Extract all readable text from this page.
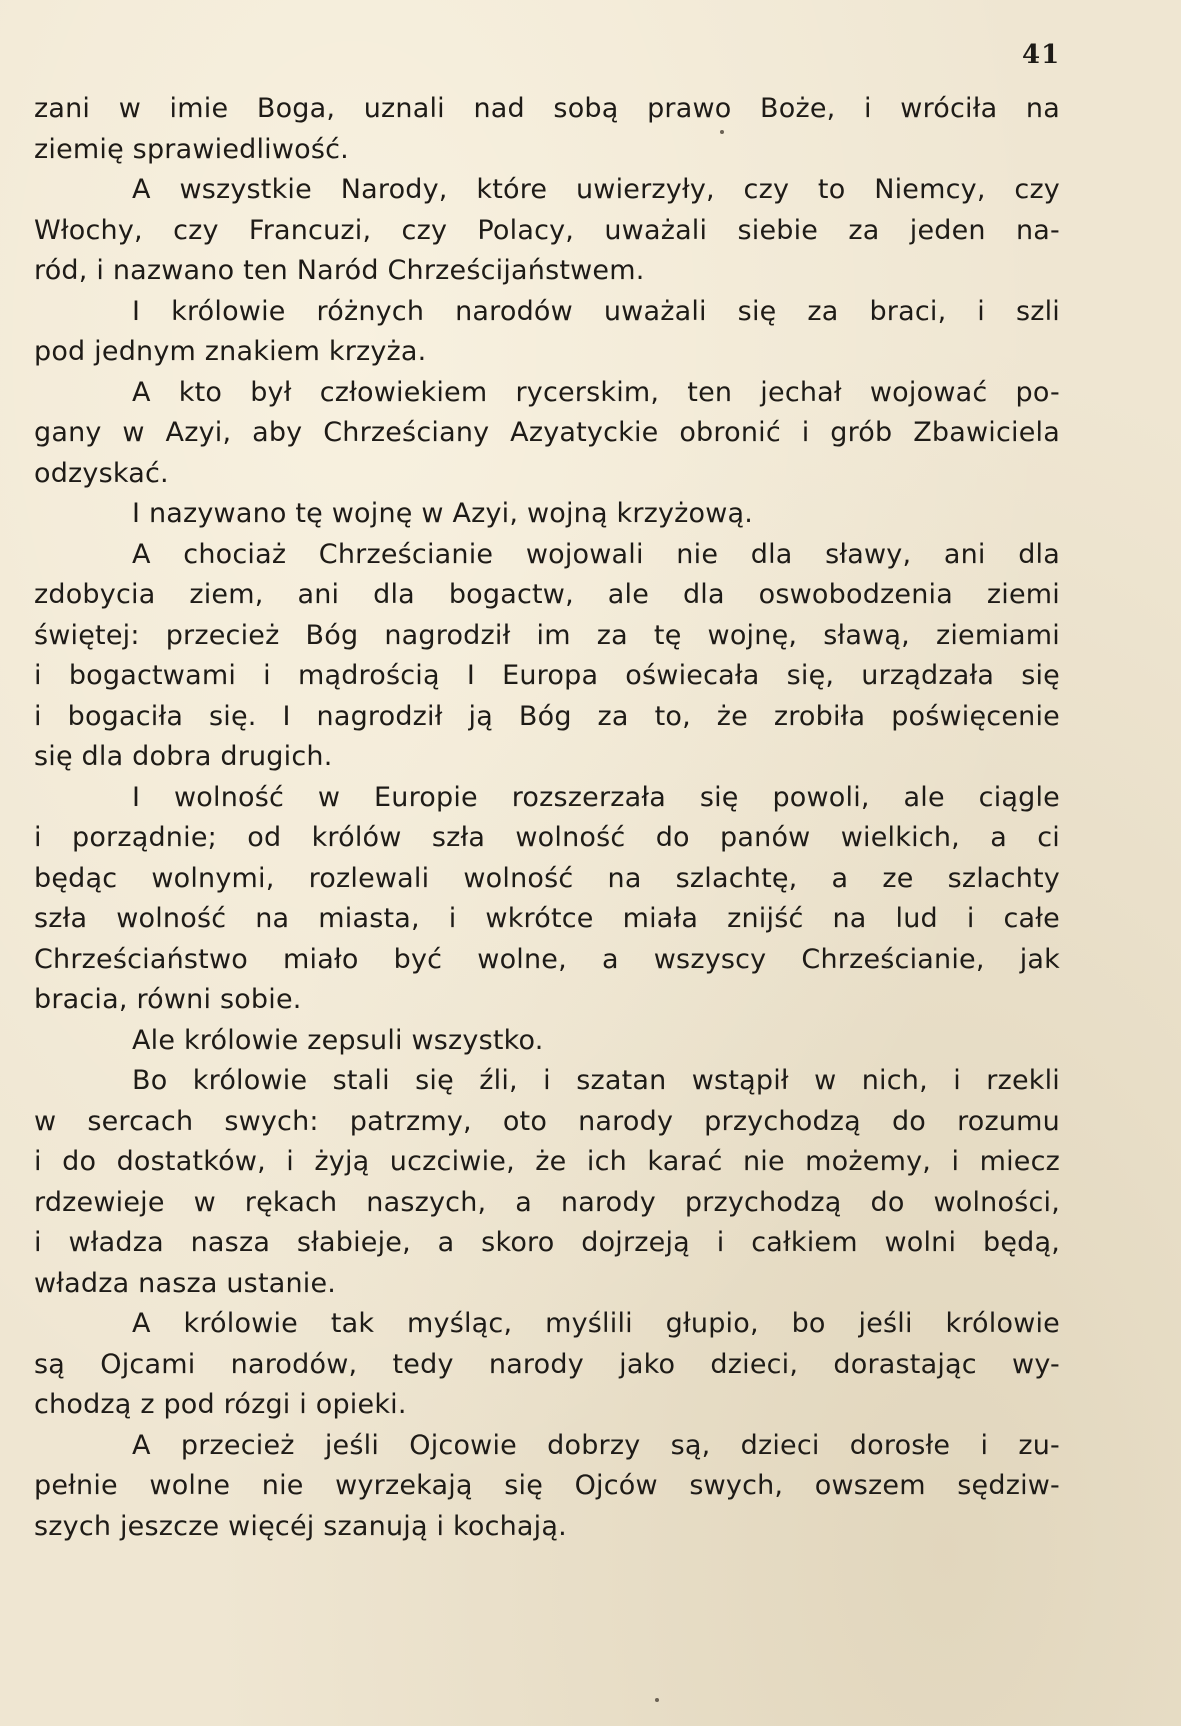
41
zani w imie Boga, uznali nad sobą prawo Boże, i wróciła na
ziemię sprawiedliwość.
A wszystkie Narody, które uwierzyły, czy to Niemcy, czy
Włochy, czy Francuzi, czy Polacy, uważali siebie za jeden na-
ród, i nazwano ten Naród Chrześcijaństwem.
I królowie różnych narodów uważali się za braci, i szli
pod jednym znakiem krzyża.
A kto był człowiekiem rycerskim, ten jechał wojować po-
gany w Azyi, aby Chrześciany Azyatyckie obronić i grób Zbawiciela
odzyskać.
I nazywano tę wojnę w Azyi, wojną krzyżową.
A chociaż Chrześcianie wojowali nie dla sławy, ani dla
zdobycia ziem, ani dla bogactw, ale dla oswobodzenia ziemi
świętej: przecież Bóg nagrodził im za tę wojnę, sławą, ziemiami
i bogactwami i mądrością I Europa oświecała się, urządzała się
i bogaciła się. I nagrodził ją Bóg za to, że zrobiła poświęcenie
się dla dobra drugich.
I wolność w Europie rozszerzała się powoli, ale ciągle
i porządnie; od królów szła wolność do panów wielkich, a ci
będąc wolnymi, rozlewali wolność na szlachtę, a ze szlachty
szła wolność na miasta, i wkrótce miała znijść na lud i całe
Chrześciaństwo miało być wolne, a wszyscy Chrześcianie, jak
bracia, równi sobie.
Ale królowie zepsuli wszystko.
Bo królowie stali się źli, i szatan wstąpił w nich, i rzekli
w sercach swych: patrzmy, oto narody przychodzą do rozumu
i do dostatków, i żyją uczciwie, że ich karać nie możemy, i miecz
rdzewieje w rękach naszych, a narody przychodzą do wolności,
i władza nasza słabieje, a skoro dojrzeją i całkiem wolni będą,
władza nasza ustanie.
A królowie tak myśląc, myślili głupio, bo jeśli królowie
są Ojcami narodów, tedy narody jako dzieci, dorastając wy-
chodzą z pod rózgi i opieki.
A przecież jeśli Ojcowie dobrzy są, dzieci dorosłe i zu-
pełnie wolne nie wyrzekają się Ojców swych, owszem sędziw-
szych jeszcze więcéj szanują i kochają.
